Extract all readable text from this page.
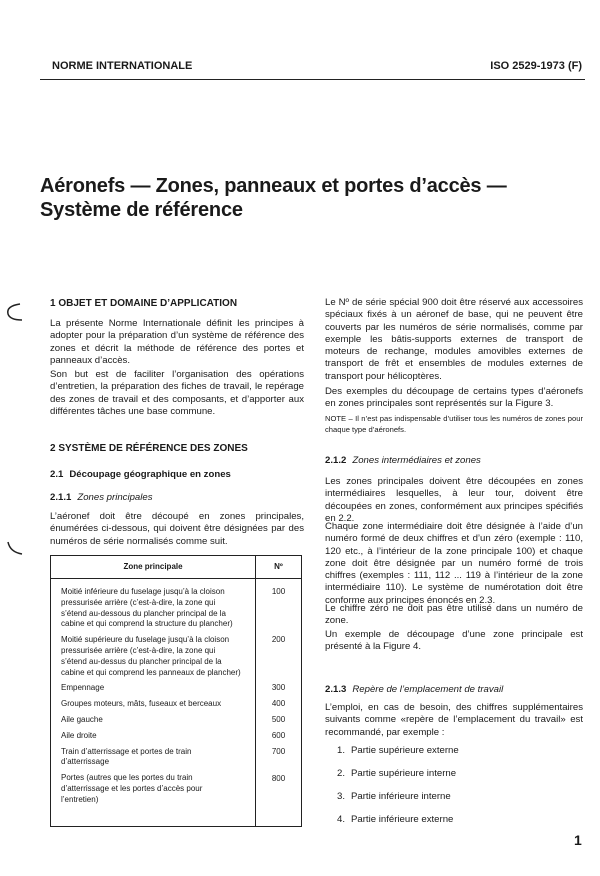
NORME INTERNATIONALE	ISO 2529-1973 (F)
Aéronefs — Zones, panneaux et portes d’accès — Système de référence
1 OBJET ET DOMAINE D’APPLICATION

La présente Norme Internationale définit les principes à adopter pour la préparation d’un système de référence des zones et décrit la méthode de référence des portes et panneaux d’accès.

Son but est de faciliter l’organisation des opérations d’entretien, la préparation des fiches de travail, le repérage des zones de travail et des composants, et d’apporter aux différentes tâches une base commune.

2 SYSTÈME DE RÉFÉRENCE DES ZONES
2.1 Découpage géographique en zones
2.1.1 Zones principales

L’aéronef doit être découpé en zones principales, énumérées ci-dessous, qui doivent être désignées par des numéros de série normalisés comme suit.

Zone principale	Nº
Moitié inférieure du fuselage jusqu’à la cloison pressurisée arrière (c’est-à-dire, la zone qui s’étend au-dessous du plancher principal de la cabine et qui comprend la structure du plancher)
Moitié supérieure du fuselage jusqu’à la cloison pressurisée arrière (c’est-à-dire, la zone qui s’étend au-dessus du plancher principal de la cabine et qui comprend les panneaux de plancher)
Empennage
Groupes moteurs, mâts, fuseaux et berceaux
Aile gauche
Aile droite
Train d’atterrissage et portes de train d’atterrissage
Portes (autres que les portes du train d’atterrissage et les portes d’accès pour l’entretien)
100
200
300
400
500
600
700
800

Le Nº de série spécial 900 doit être réservé aux accessoires spéciaux fixés à un aéronef de base, qui ne peuvent être couverts par les numéros de série normalisés, comme par exemple les bâtis-supports externes de transport de moteurs de rechange, modules amovibles externes de transport de frêt et ensembles de modules externes de transport pour hélicoptères.

Des exemples du découpage de certains types d’aéronefs en zones principales sont représentés sur la Figure 3.

NOTE – Il n’est pas indispensable d’utiliser tous les numéros de zones pour chaque type d’aéronefs.

2.1.2 Zones intermédiaires et zones

Les zones principales doivent être découpées en zones intermédiaires lesquelles, à leur tour, doivent être découpées en zones, conformément aux principes spécifiés en 2.2.

Chaque zone intermédiaire doit être désignée à l’aide d’un numéro formé de deux chiffres et d’un zéro (exemple : 110, 120 etc., à l’intérieur de la zone principale 100) et chaque zone doit être désignée par un numéro formé de trois chiffres (exemples : 111, 112 ... 119 à l’intérieur de la zone intermédiaire 110). Le système de numérotation doit être conforme aux principes énoncés en 2.3.

Le chiffre zéro ne doit pas être utilisé dans un numéro de zone.

Un exemple de découpage d’une zone principale est présenté à la Figure 4.

2.1.3 Repère de l’emplacement de travail

L’emploi, en cas de besoin, des chiffres supplémentaires suivants comme «repère de l’emplacement du travail» est recommandé, par exemple :

1. Partie supérieure externe
2. Partie supérieure interne
3. Partie inférieure interne
4. Partie inférieure externe
1
